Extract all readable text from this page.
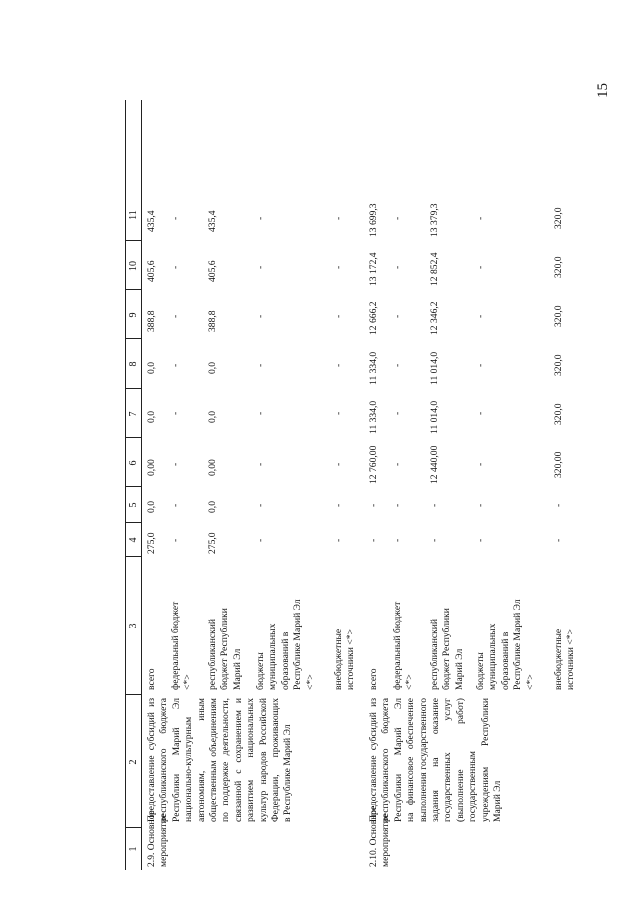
15
1
2
3
4
5
6
7
8
9
10
11
2.9. Основное мероприятие
Предоставление субсидий из республиканского бюджета Республики Марий Эл национально-культурным автономиям, иным общественным объединениям по поддержке деятельности, связанной с сохранением и развитием национальных культур народов Российской Федерации, проживающих в Республике Марий Эл
всего
275,0
0,0
0,00
0,0
0,0
388,8
405,6
435,4
федеральный бюджет <*>
-
-
-
-
-
-
-
-
республиканский бюджет Республики Марий Эл
275,0
0,0
0,00
0,0
0,0
388,8
405,6
435,4
бюджеты муниципальных образований в Республике Марий Эл <*>
-
-
-
-
-
-
-
-
внебюджетные источники <*>
-
-
-
-
-
-
-
-
2.10. Основное мероприятие
Предоставление субсидий из республиканского бюджета Республики Марий Эл на финансовое обеспечение выполнения государственного задания на оказание государственных услуг (выполнение работ) государственным учреждениям Республики Марий Эл
всего
-
-
12 760,00
11 334,0
11 334,0
12 666,2
13 172,4
13 699,3
федеральный бюджет <*>
-
-
-
-
-
-
-
-
республиканский бюджет Республики Марий Эл
-
-
12 440,00
11 014,0
11 014,0
12 346,2
12 852,4
13 379,3
бюджеты муниципальных образований в Республике Марий Эл <*>
-
-
-
-
-
-
-
-
внебюджетные источники <*>
-
-
320,00
320,0
320,0
320,0
320,0
320,0
